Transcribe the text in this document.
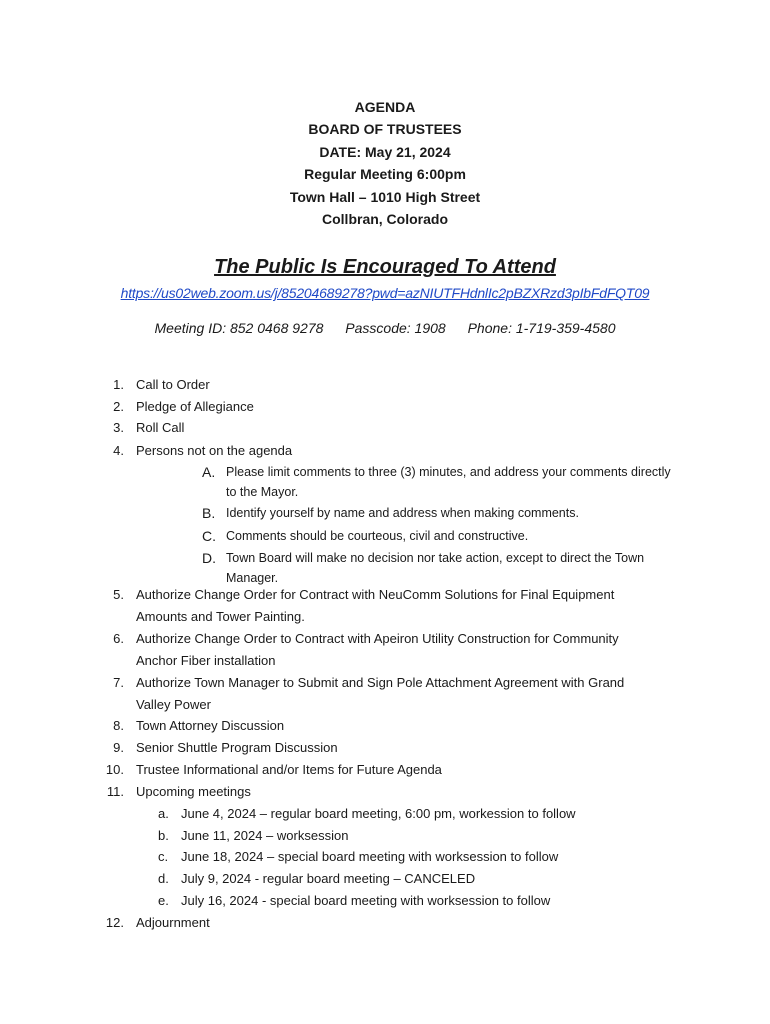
AGENDA
BOARD OF TRUSTEES
DATE: May 21, 2024
Regular Meeting 6:00pm
Town Hall – 1010 High Street
Collbran, Colorado
The Public Is Encouraged To Attend
https://us02web.zoom.us/j/85204689278?pwd=azNIUTFHdnlIc2pBZXRzd3pIbFdFQT09
Meeting ID: 852 0468 9278 Passcode: 1908 Phone: 1-719-359-4580
1. Call to Order
2. Pledge of Allegiance
3. Roll Call
4. Persons not on the agenda
A. Please limit comments to three (3) minutes, and address your comments directly to the Mayor.
B. Identify yourself by name and address when making comments.
C. Comments should be courteous, civil and constructive.
D. Town Board will make no decision nor take action, except to direct the Town Manager.
5. Authorize Change Order for Contract with NeuComm Solutions for Final Equipment
Amounts and Tower Painting.
6. Authorize Change Order to Contract with Apeiron Utility Construction for Community
Anchor Fiber installation
7. Authorize Town Manager to Submit and Sign Pole Attachment Agreement with Grand
Valley Power
8. Town Attorney Discussion
9. Senior Shuttle Program Discussion
10. Trustee Informational and/or Items for Future Agenda
11. Upcoming meetings
a. June 4, 2024 – regular board meeting, 6:00 pm, workession to follow
b. June 11, 2024 – worksession
c. June 18, 2024 – special board meeting with worksession to follow
d. July 9, 2024 - regular board meeting – CANCELED
e. July 16, 2024 - special board meeting with worksession to follow
12. Adjournment
